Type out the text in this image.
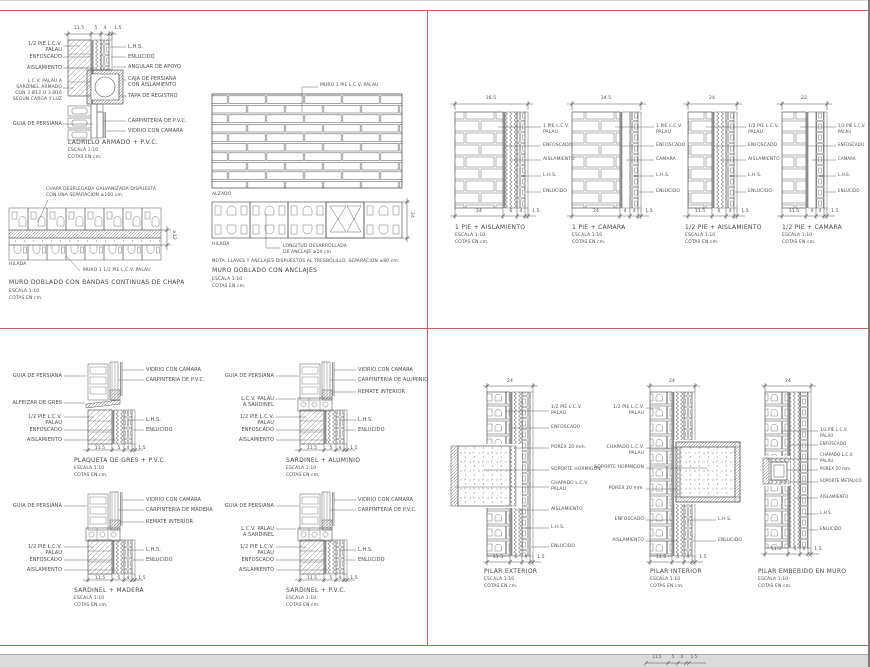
11.5	5	4	1.5
1/2 PIE L.C.V.
PALAU
ENFOSCADO
AISLAMIENTO
L.C.V. PALAU A
SARDINEL ARMADO
CON 3 Ø12 O 3 Ø16
SEGUN CARGA Y LUZ
GUIA DE PERSIANA
L.H.S.
ENLUCIDO
ANGULAR DE APOYO
CAJA DE PERSIANA
CON AISLAMIENTO
TAPA DE REGISTRO
CARPINTERIA DE P.V.C.
VIDRIO CON CAMARA
LADRILLO ARMADO + P.V.C.
ESCALA 1:10
COTAS EN cm.
CHAPA DESPLEGADA GALVANIZADA DISPUESTA
CON UNA SEPARACION ≤100 cm.
≥12
HILADA
MURO 1 1/2 PIE L.C.V. PALAU
MURO DOBLADO CON BANDAS CONTINUAS DE CHAPA
ESCALA 1:10
COTAS EN cm.
MURO 1 PIE L.C.V. PALAU
ALZADO
24
HILADA	LONGITUD DESARROLLADA
DE ANCLAJE ≥24 cm.
NOTA: LLAVES Y ANCLAJES DISPUESTOS AL TRESBOLILLO. SEPARACION ≤80 cm.
MURO DOBLADO CON ANCLAJES
ESCALA 1:10
COTAS EN cm.
36.5
1 PIE L.C.V.
PALAU
ENFOSCADO
AISLAMIENTO
L.H.S.
ENLUCIDO
24	6	4	1.5
1 PIE + AISLAMIENTO
ESCALA 1:10
COTAS EN cm.
34.5
1 PIE L.C.V.
PALAU
ENFOSCADO
CAMARA
L.H.S.
ENLUCIDO
24	4	4	1.5
1 PIE + CAMARA
ESCALA 1:10
COTAS EN cm.
24
1/2 PIE L.C.V.
PALAU
ENFOSCADO
AISLAMIENTO
L.H.S.
ENLUCIDO
11.5	6	4	1.5
1/2 PIE + AISLAMIENTO
ESCALA 1:10
COTAS EN cm.
22
1/2 PIE L.C.V.
PALAU
ENFOSCADO
CAMARA
L.H.S.
ENLUCIDO
11.5	4	4	1.5
1/2 PIE + CAMARA
ESCALA 1:10
COTAS EN cm.
GUIA DE PERSIANA
ALFEIZAR DE GRES
1/2 PIE L.C.V.
PALAU
ENFOSCADO
AISLAMIENTO
VIDRIO CON CAMARA
CARPINTERIA DE P.V.C.
L.H.S.
ENLUCIDO
11.5	5	4	1.5
PLAQUETA DE GRES + P.V.C.
ESCALA 1:10
COTAS EN cm.
GUIA DE PERSIANA
L.C.V. PALAU
A SARDINEL
1/2 PIE L.C.V.
PALAU
ENFOSCADO
AISLAMIENTO
VIDRIO CON CAMARA
CARPINTERIA DE ALUMINIO
REMATE INTERIOR
L.H.S.
ENLUCIDO
11.5	5	4	1.5
SARDINEL + ALUMINIO
ESCALA 1:10
COTAS EN cm.
GUIA DE PERSIANA
1/2 PIE L.C.V.
PALAU
ENFOSCADO
AISLAMIENTO
VIDRIO CON CAMARA
CARPINTERIA DE MADERA
REMATE INTERIOR
L.H.S.
ENLUCIDO
11.5	5	4	1.5
SARDINEL + MADERA
ESCALA 1:10
COTAS EN cm.
GUIA DE PERSIANA
L.C.V. PALAU
A SARDINEL
1/2 PIE L.C.V.
PALAU
ENFOSCADO
AISLAMIENTO
VIDRIO CON CAMARA
CARPINTERIA DE P.V.C.
L.H.S.
ENLUCIDO
11.5	5	4	1.5
SARDINEL + P.V.C.
ESCALA 1:10
COTAS EN cm.
24
1/2 PIE L.C.V.
PALAU
ENFOSCADO
POREX 20 mm.
SOPORTE HORMIGON
CHAPADO L.C.V.
PALAU
AISLAMIENTO
L.H.S.
ENLUCIDO
11.5	6	4	1.5
PILAR EXTERIOR
ESCALA 1:10
COTAS EN cm.
24
1/2 PIE L.C.V.
PALAU
CHAPADO L.C.V.
PALAU
SOPORTE HORMIGON
POREX 20 mm.
ENFOSCADO
AISLAMIENTO
L.H.S.
ENLUCIDO
11.5	5	4	1.5
PILAR INTERIOR
ESCALA 1:10
COTAS EN cm.
24
1/2 PIE L.C.V.
PALAU
ENFOSCADO
CHAPADO L.C.V.
PALAU
POREX 20 mm.
SOPORTE METALICO
AISLAMIENTO
L.H.S.
ENLUCIDO
11.5	5	4	1.5
PILAR EMBEBIDO EN MURO
ESCALA 1:10
COTAS EN cm.
11.5	5	4	1.5
